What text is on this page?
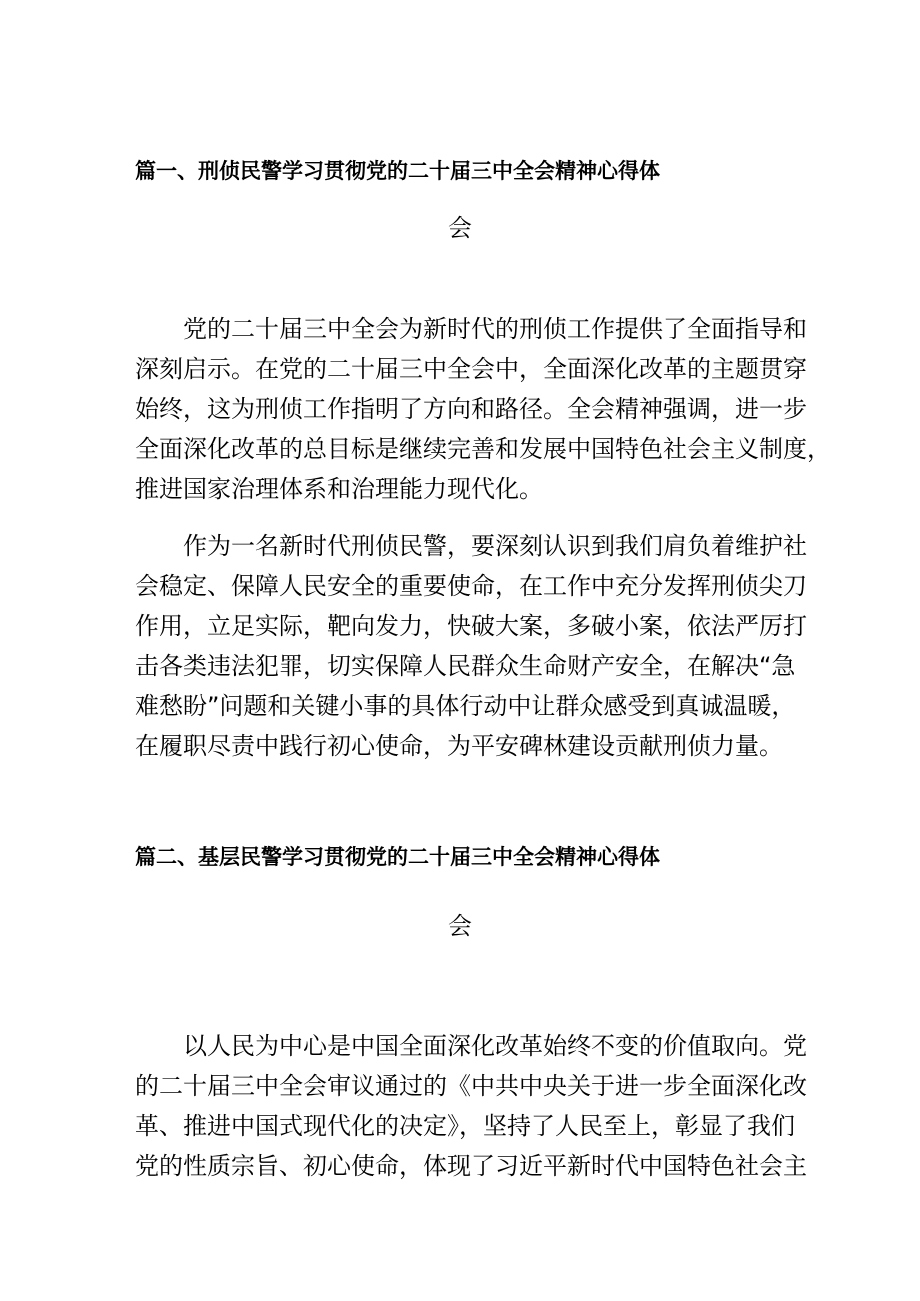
篇一、刑侦民警学习贯彻党的二十届三中全会精神心得体
会
党的二十届三中全会为新时代的刑侦工作提供了全面指导和
深刻启示。在党的二十届三中全会中，全面深化改革的主题贯穿
始终，这为刑侦工作指明了方向和路径。全会精神强调，进一步
全面深化改革的总目标是继续完善和发展中国特色社会主义制度，
推进国家治理体系和治理能力现代化。
作为一名新时代刑侦民警，要深刻认识到我们肩负着维护社
会稳定、保障人民安全的重要使命，在工作中充分发挥刑侦尖刀
作用，立足实际，靶向发力，快破大案，多破小案，依法严厉打
击各类违法犯罪，切实保障人民群众生命财产安全，在解决“急
难愁盼”问题和关键小事的具体行动中让群众感受到真诚温暖，
在履职尽责中践行初心使命，为平安碑林建设贡献刑侦力量。
篇二、基层民警学习贯彻党的二十届三中全会精神心得体
会
以人民为中心是中国全面深化改革始终不变的价值取向。党
的二十届三中全会审议通过的《中共中央关于进一步全面深化改
革、推进中国式现代化的决定》，坚持了人民至上，彰显了我们
党的性质宗旨、初心使命，体现了习近平新时代中国特色社会主
